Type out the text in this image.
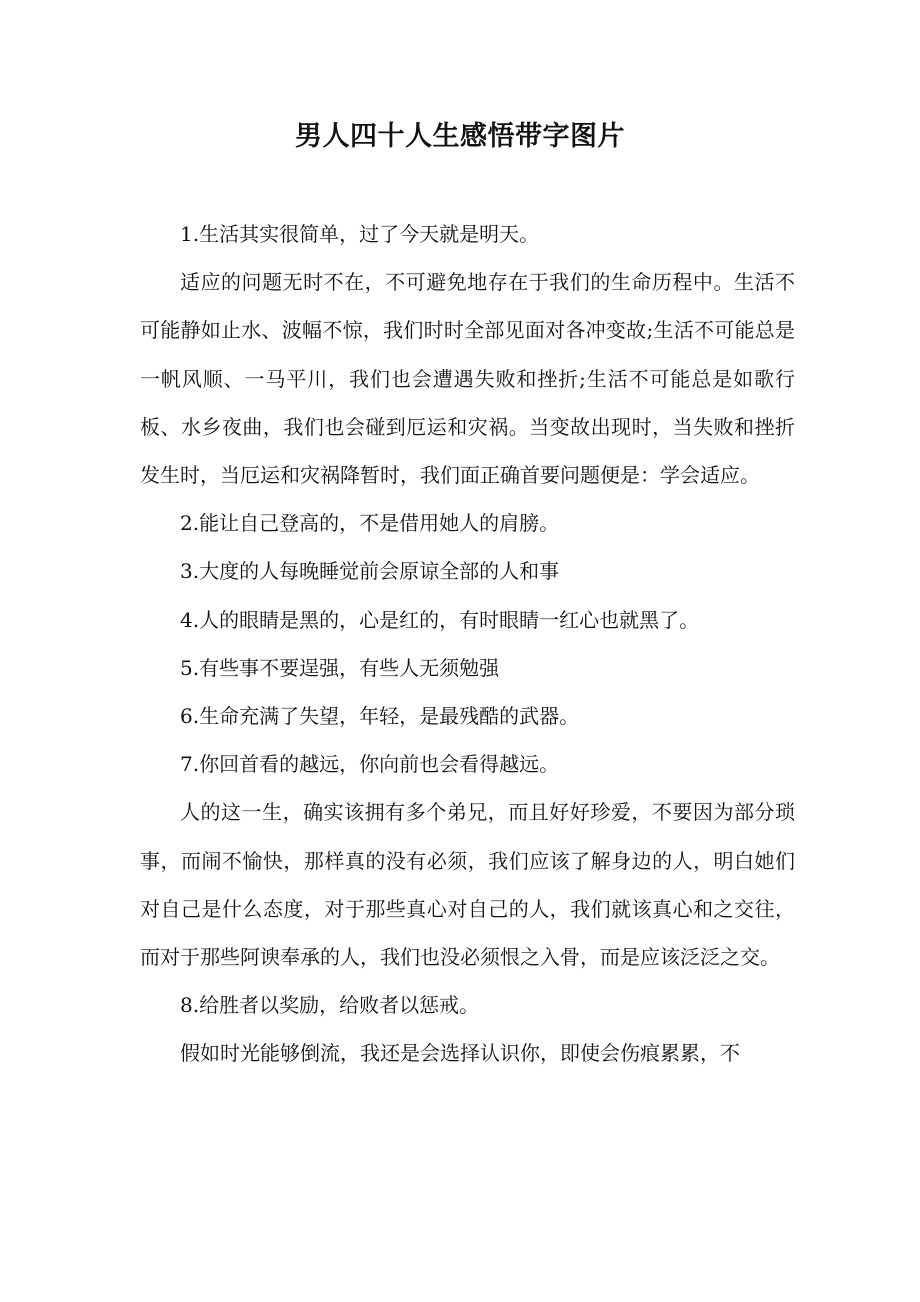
男人四十人生感悟带字图片

1.生活其实很简单，过了今天就是明天。

适应的问题无时不在，不可避免地存在于我们的生命历程中。生活不可能静如止水、波幅不惊，我们时时全部见面对各冲变故;生活不可能总是一帆风顺、一马平川，我们也会遭遇失败和挫折;生活不可能总是如歌行板、水乡夜曲，我们也会碰到厄运和灾祸。当变故出现时，当失败和挫折发生时，当厄运和灾祸降暂时，我们面正确首要问题便是：学会适应。

2.能让自己登高的，不是借用她人的肩膀。

3.大度的人每晚睡觉前会原谅全部的人和事

4.人的眼睛是黑的，心是红的，有时眼睛一红心也就黑了。

5.有些事不要逞强，有些人无须勉强

6.生命充满了失望，年轻，是最残酷的武器。

7.你回首看的越远，你向前也会看得越远。

人的这一生，确实该拥有多个弟兄，而且好好珍爱，不要因为部分琐事，而闹不愉快，那样真的没有必须，我们应该了解身边的人，明白她们对自己是什么态度，对于那些真心对自己的人，我们就该真心和之交往，而对于那些阿谀奉承的人，我们也没必须恨之入骨，而是应该泛泛之交。

8.给胜者以奖励，给败者以惩戒。

假如时光能够倒流，我还是会选择认识你，即使会伤痕累累，不
